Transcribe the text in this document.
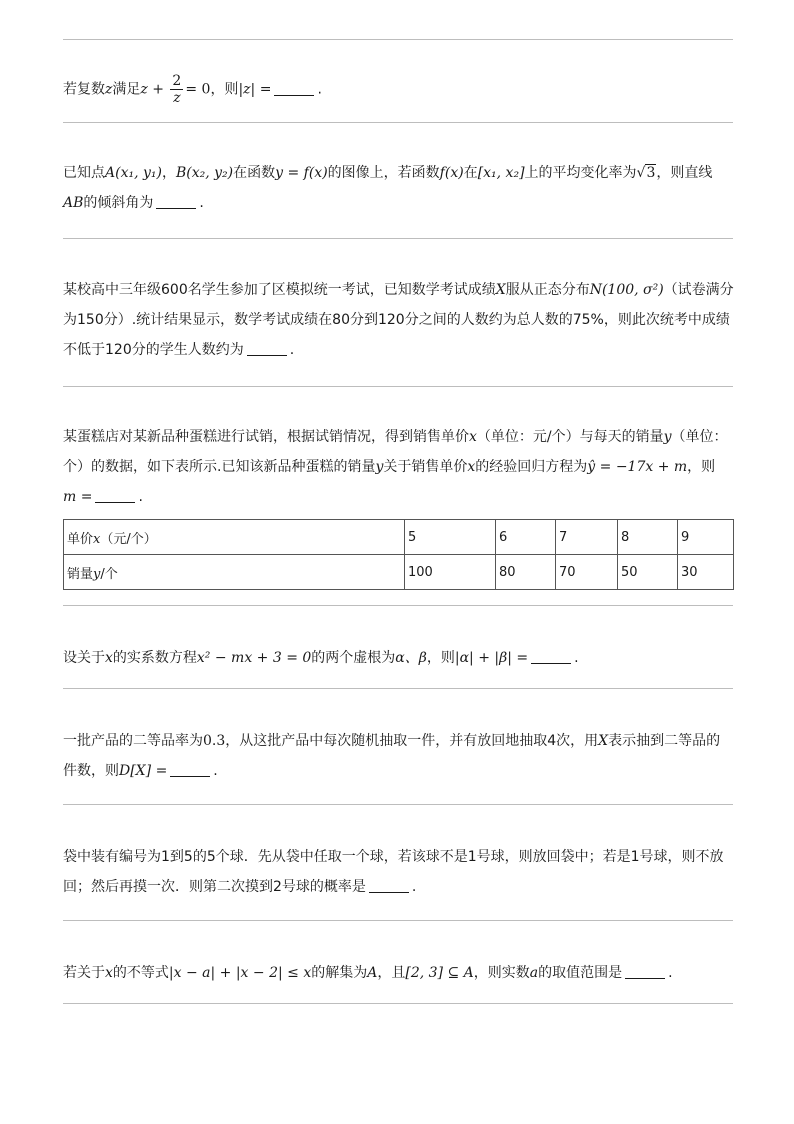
若复数z满足$z + \frac{2}{z} = 0$，则|z| =	.
已知点A(x₁, y₁)，B(x₂, y₂)在函数y = f(x)的图像上，若函数f(x)在[x₁, x₂]上的平均变化率为√3，则直线
AB的倾斜角为	.
某校高中三年级600名学生参加了区模拟统一考试，已知数学考试成绩X服从正态分布N(100, σ²)（试卷满分
为150分）.统计结果显示，数学考试成绩在80分到120分之间的人数约为总人数的75%，则此次统考中成绩
不低于120分的学生人数约为	.
某蛋糕店对某新品种蛋糕进行试销，根据试销情况，得到销售单价x（单位：元/个）与每天的销量y（单位：
个）的数据，如下表所示.已知该新品种蛋糕的销量y关于销售单价x的经验回归方程为ŷ = −17x + m，则
m =	.
单价x（元/个）	5	6	7	8	9
销量y/个	100	80	70	50	30
设关于x的实系数方程x² − mx + 3 = 0的两个虚根为α、β，则|α| + |β| =	.
一批产品的二等品率为0.3，从这批产品中每次随机抽取一件，并有放回地抽取4次，用X表示抽到二等品的
件数，则D[X] =	.
袋中装有编号为1到5的5个球．先从袋中任取一个球，若该球不是1号球，则放回袋中；若是1号球，则不放
回；然后再摸一次．则第二次摸到2号球的概率是	.
若关于x的不等式|x − a| + |x − 2| ≤ x的解集为A，且[2, 3] ⊆ A，则实数a的取值范围是	.
